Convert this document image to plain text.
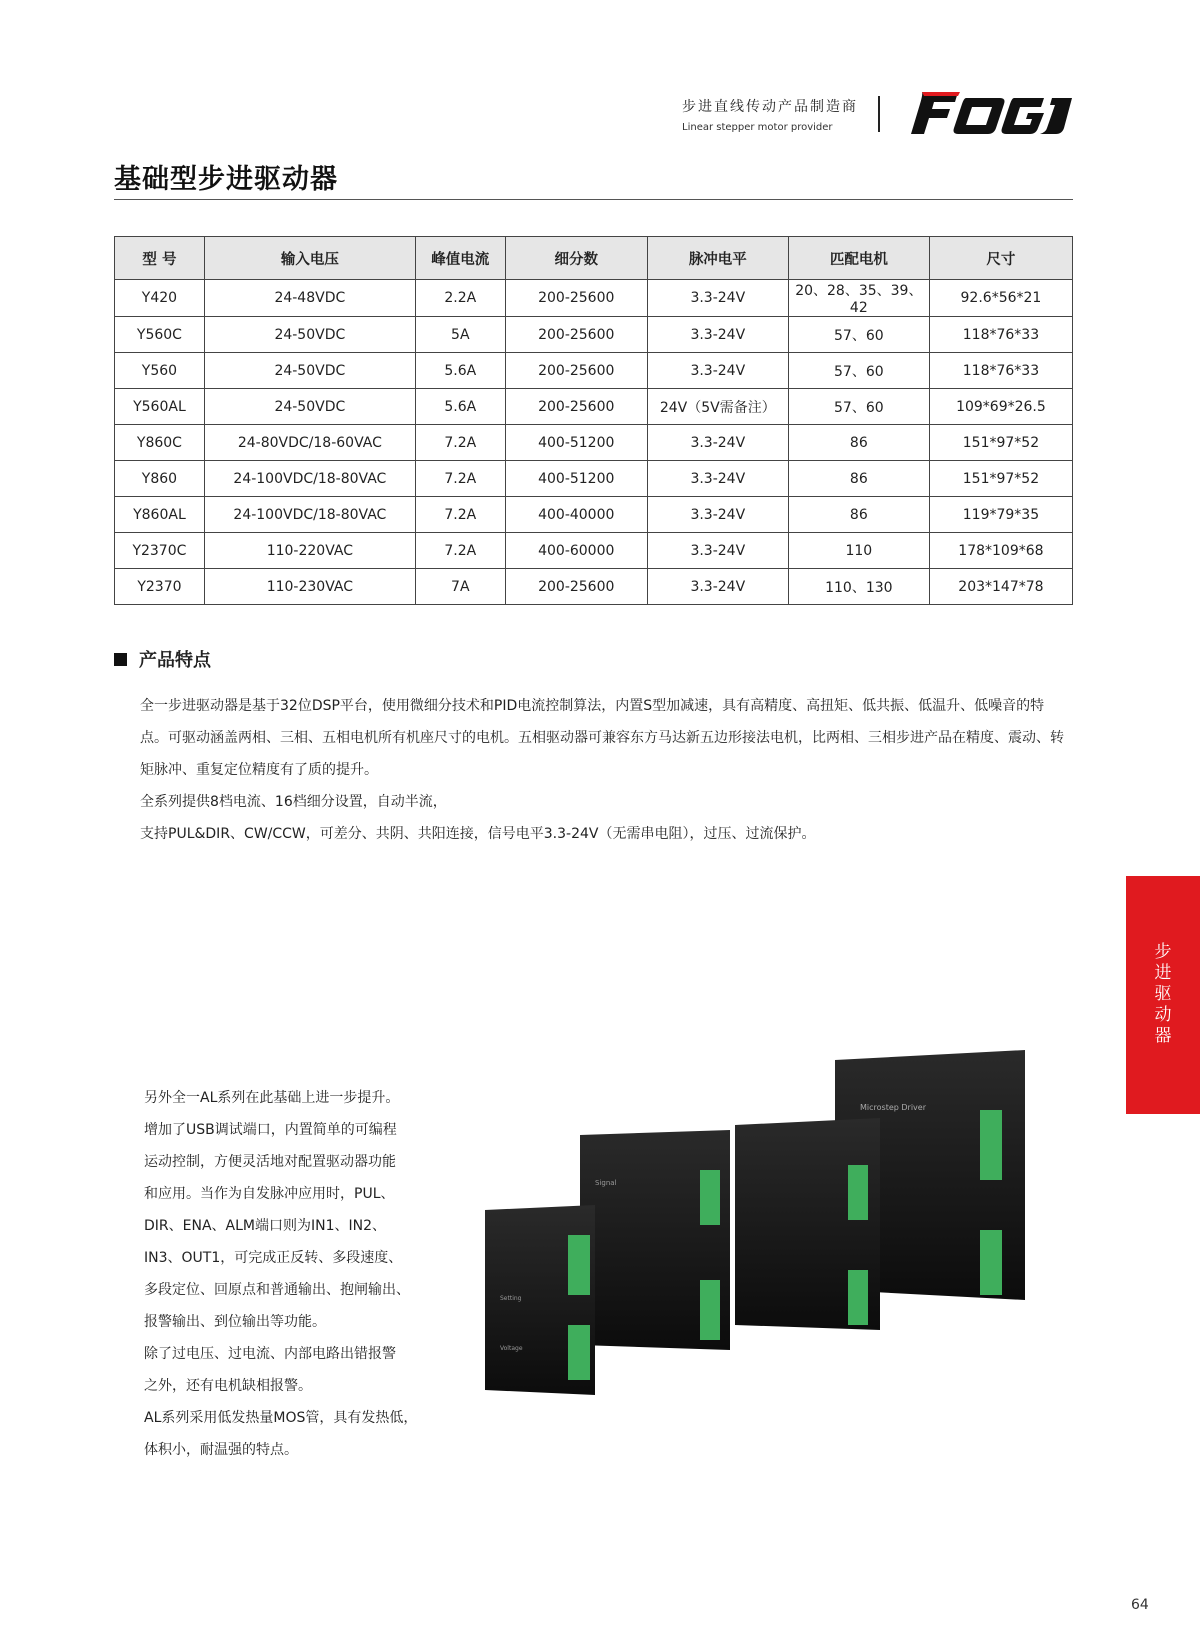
步进直线传动产品制造商
Linear stepper motor provider
基础型步进驱动器
型 号	输入电压	峰值电流	细分数	脉冲电平	匹配电机	尺寸
Y420	24-48VDC	2.2A	200-25600	3.3-24V	20、28、35、39、42	92.6*56*21
Y560C	24-50VDC	5A	200-25600	3.3-24V	57、60	118*76*33
Y560	24-50VDC	5.6A	200-25600	3.3-24V	57、60	118*76*33
Y560AL	24-50VDC	5.6A	200-25600	24V（5V需备注）	57、60	109*69*26.5
Y860C	24-80VDC/18-60VAC	7.2A	400-51200	3.3-24V	86	151*97*52
Y860	24-100VDC/18-80VAC	7.2A	400-51200	3.3-24V	86	151*97*52
Y860AL	24-100VDC/18-80VAC	7.2A	400-40000	3.3-24V	86	119*79*35
Y2370C	110-220VAC	7.2A	400-60000	3.3-24V	110	178*109*68
Y2370	110-230VAC	7A	200-25600	3.3-24V	110、130	203*147*78
产品特点

全一步进驱动器是基于32位DSP平台，使用微细分技术和PID电流控制算法，内置S型加减速，具有高精度、高扭矩、低共振、低温升、低噪音的特点。可驱动涵盖两相、三相、五相电机所有机座尺寸的电机。五相驱动器可兼容东方马达新五边形接法电机，比两相、三相步进产品在精度、震动、转矩脉冲、重复定位精度有了质的提升。

全系列提供8档电流、16档细分设置，自动半流，

支持PUL&DIR、CW/CCW，可差分、共阴、共阳连接，信号电平3.3-24V（无需串电阻），过压、过流保护。

步
进
驱
动
器

另外全一AL系列在此基础上进一步提升。

增加了USB调试端口，内置简单的可编程

运动控制，方便灵活地对配置驱动器功能

和应用。当作为自发脉冲应用时，PUL、

DIR、ENA、ALM端口则为IN1、IN2、

IN3、OUT1，可完成正反转、多段速度、

多段定位、回原点和普通输出、抱闸输出、

报警输出、到位输出等功能。

除了过电压、过电流、内部电路出错报警

之外，还有电机缺相报警。

AL系列采用低发热量MOS管，具有发热低，

体积小，耐温强的特点。

Microstep Driver
Signal
Setting
Voltage
64
